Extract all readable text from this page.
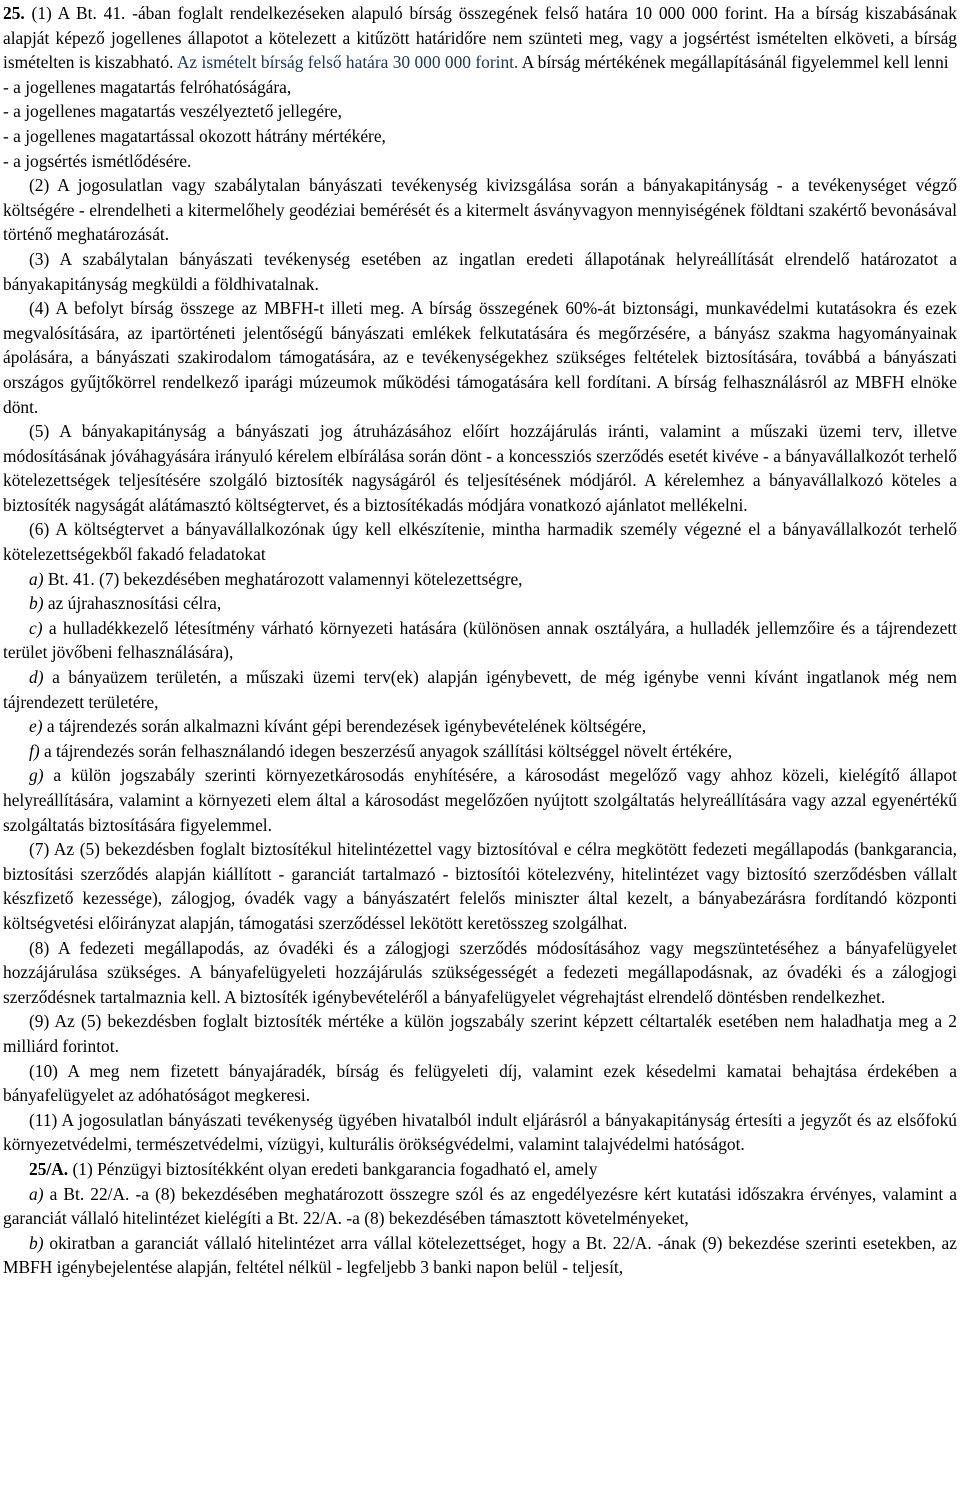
25. (1) A Bt. 41. -ában foglalt rendelkezéseken alapuló bírság összegének felső határa 10 000 000 forint. Ha a bírság kiszabásának alapját képező jogellenes állapotot a kötelezett a kitűzött határidőre nem szünteti meg, vagy a jogsértést ismételten elköveti, a bírság ismételten is kiszabható. Az ismételt bírság felső határa 30 000 000 forint. A bírság mértékének megállapításánál figyelemmel kell lenni

- a jogellenes magatartás felróhatóságára,

- a jogellenes magatartás veszélyeztető jellegére,

- a jogellenes magatartással okozott hátrány mértékére,

- a jogsértés ismétlődésére.

(2) A jogosulatlan vagy szabálytalan bányászati tevékenység kivizsgálása során a bányakapitányság - a tevékenységet végző költségére - elrendelheti a kitermelőhely geodéziai bemérését és a kitermelt ásványvagyon mennyiségének földtani szakértő bevonásával történő meghatározását.

(3) A szabálytalan bányászati tevékenység esetében az ingatlan eredeti állapotának helyreállítását elrendelő határozatot a bányakapitányság megküldi a földhivatalnak.

(4) A befolyt bírság összege az MBFH-t illeti meg. A bírság összegének 60%-át biztonsági, munkavédelmi kutatásokra és ezek megvalósítására, az ipartörténeti jelentőségű bányászati emlékek felkutatására és megőrzésére, a bányász szakma hagyományainak ápolására, a bányászati szakirodalom támogatására, az e tevékenységekhez szükséges feltételek biztosítására, továbbá a bányászati országos gyűjtőkörrel rendelkező iparági múzeumok működési támogatására kell fordítani. A bírság felhasználásról az MBFH elnöke dönt.

(5) A bányakapitányság a bányászati jog átruházásához előírt hozzájárulás iránti, valamint a műszaki üzemi terv, illetve módosításának jóváhagyására irányuló kérelem elbírálása során dönt - a koncessziós szerződés esetét kivéve - a bányavállalkozót terhelő kötelezettségek teljesítésére szolgáló biztosíték nagyságáról és teljesítésének módjáról. A kérelemhez a bányavállalkozó köteles a biztosíték nagyságát alátámasztó költségtervet, és a biztosítékadás módjára vonatkozó ajánlatot mellékelni.

(6) A költségtervet a bányavállalkozónak úgy kell elkészítenie, mintha harmadik személy végezné el a bányavállalkozót terhelő kötelezettségekből fakadó feladatokat

a) Bt. 41. (7) bekezdésében meghatározott valamennyi kötelezettségre,

b) az újrahasznosítási célra,

c) a hulladékkezelő létesítmény várható környezeti hatására (különösen annak osztályára, a hulladék jellemzőire és a tájrendezett terület jövőbeni felhasználására),

d) a bányaüzem területén, a műszaki üzemi terv(ek) alapján igénybevett, de még igénybe venni kívánt ingatlanok még nem tájrendezett területére,

e) a tájrendezés során alkalmazni kívánt gépi berendezések igénybevételének költségére,

f) a tájrendezés során felhasználandó idegen beszerzésű anyagok szállítási költséggel növelt értékére,

g) a külön jogszabály szerinti környezetkárosodás enyhítésére, a károsodást megelőző vagy ahhoz közeli, kielégítő állapot helyreállítására, valamint a környezeti elem által a károsodást megelőzően nyújtott szolgáltatás helyreállítására vagy azzal egyenértékű szolgáltatás biztosítására figyelemmel.

(7) Az (5) bekezdésben foglalt biztosítékul hitelintézettel vagy biztosítóval e célra megkötött fedezeti megállapodás (bankgarancia, biztosítási szerződés alapján kiállított - garanciát tartalmazó - biztosítói kötelezvény, hitelintézet vagy biztosító szerződésben vállalt készfizető kezessége), zálogjog, óvadék vagy a bányászatért felelős miniszter által kezelt, a bányabezárásra fordítandó központi költségvetési előirányzat alapján, támogatási szerződéssel lekötött keretösszeg szolgálhat.

(8) A fedezeti megállapodás, az óvadéki és a zálogjogi szerződés módosításához vagy megszüntetéséhez a bányafelügyelet hozzájárulása szükséges. A bányafelügyeleti hozzájárulás szükségességét a fedezeti megállapodásnak, az óvadéki és a zálogjogi szerződésnek tartalmaznia kell. A biztosíték igénybevételéről a bányafelügyelet végrehajtást elrendelő döntésben rendelkezhet.

(9) Az (5) bekezdésben foglalt biztosíték mértéke a külön jogszabály szerint képzett céltartalék esetében nem haladhatja meg a 2 milliárd forintot.

(10) A meg nem fizetett bányajáradék, bírság és felügyeleti díj, valamint ezek késedelmi kamatai behajtása érdekében a bányafelügyelet az adóhatóságot megkeresi.

(11) A jogosulatlan bányászati tevékenység ügyében hivatalból indult eljárásról a bányakapitányság értesíti a jegyzőt és az elsőfokú környezetvédelmi, természetvédelmi, vízügyi, kulturális örökségvédelmi, valamint talajvédelmi hatóságot.

25/A. (1) Pénzügyi biztosítékként olyan eredeti bankgarancia fogadható el, amely

a) a Bt. 22/A. -a (8) bekezdésében meghatározott összegre szól és az engedélyezésre kért kutatási időszakra érvényes, valamint a garanciát vállaló hitelintézet kielégíti a Bt. 22/A. -a (8) bekezdésében támasztott követelményeket,

b) okiratban a garanciát vállaló hitelintézet arra vállal kötelezettséget, hogy a Bt. 22/A. -ának (9) bekezdése szerinti esetekben, az MBFH igénybejelentése alapján, feltétel nélkül - legfeljebb 3 banki napon belül - teljesít,
